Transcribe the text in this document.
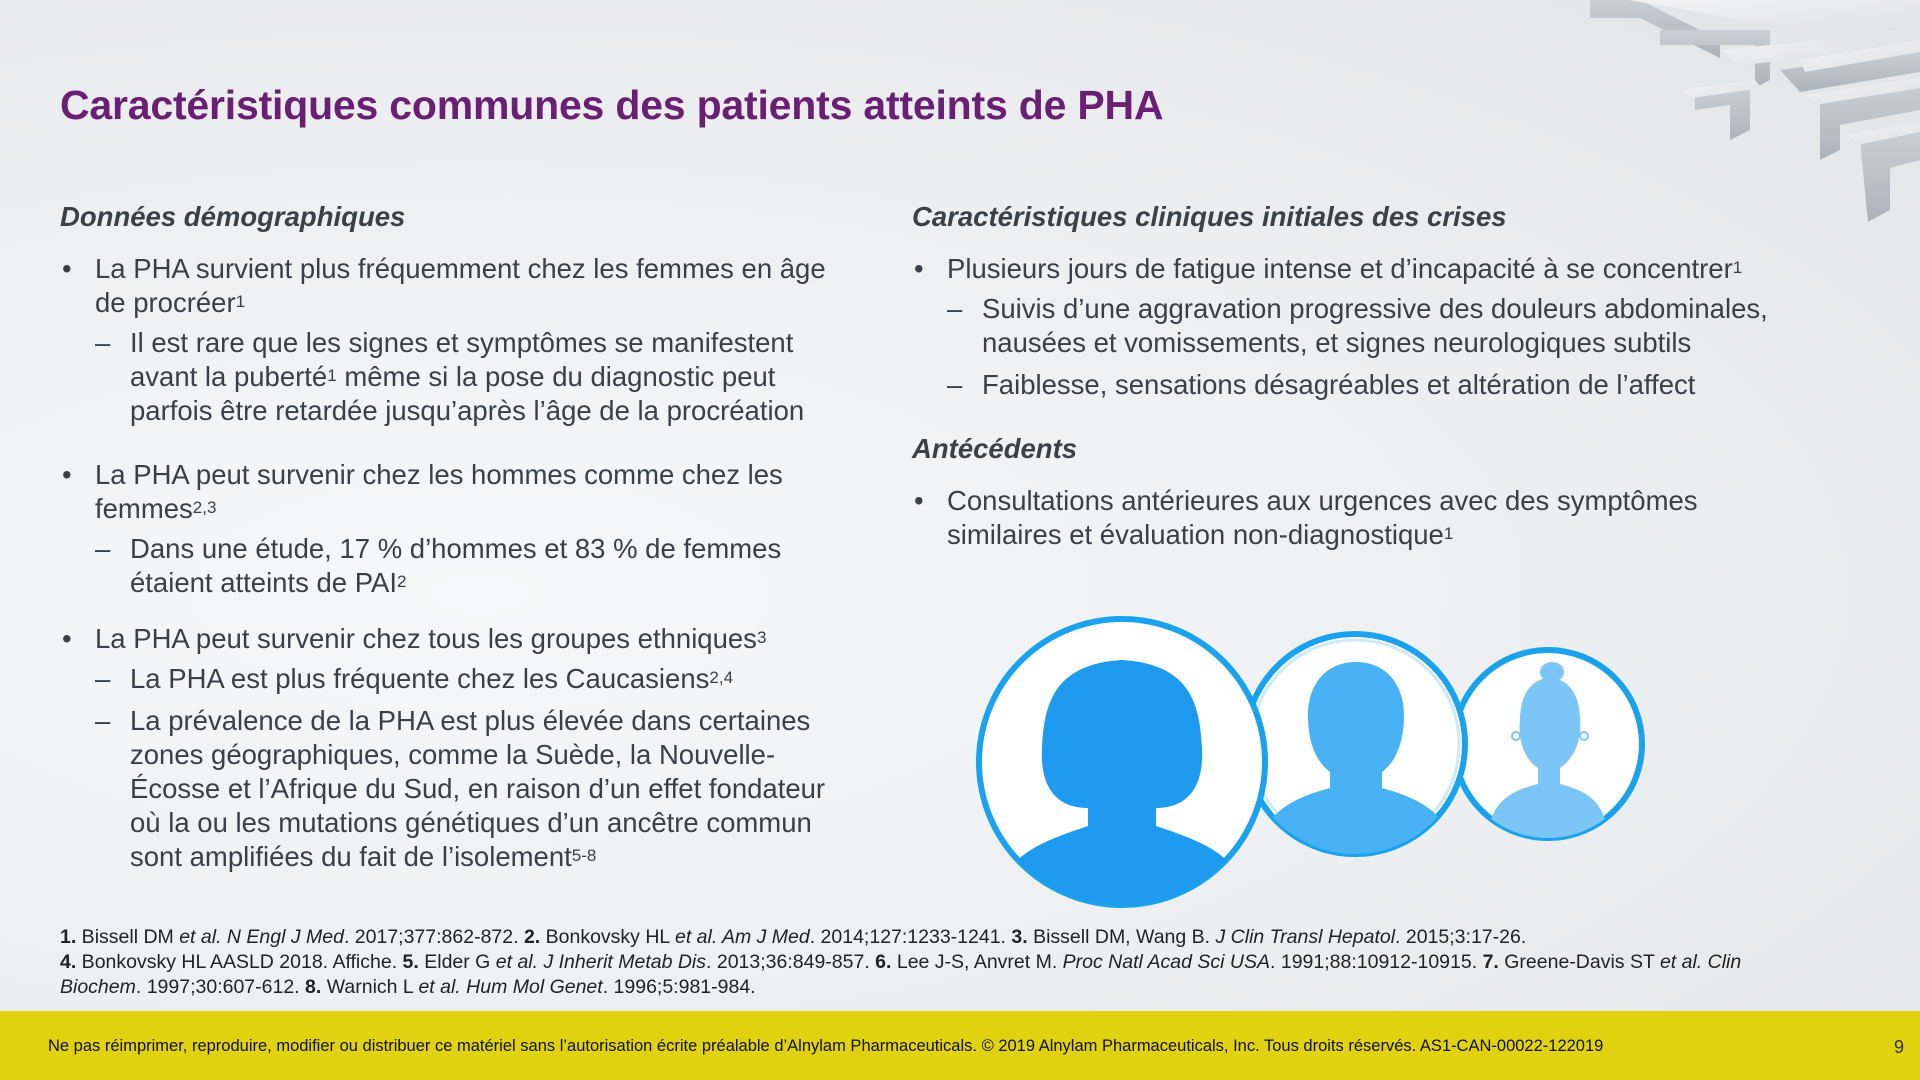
Caractéristiques communes des patients atteints de PHA
Données démographiques
• La PHA survient plus fréquemment chez les femmes en âge de procréer$^1$
– Il est rare que les signes et symptômes se manifestent avant la puberté$^1$ même si la pose du diagnostic peut parfois être retardée jusqu’après l’âge de la procréation
• La PHA peut survenir chez les hommes comme chez les femmes$^{2,3}$
– Dans une étude, 17 % d’hommes et 83 % de femmes étaient atteints de PAI$^2$
• La PHA peut survenir chez tous les groupes ethniques$^3$
– La PHA est plus fréquente chez les Caucasiens$^{2,4}$
– La prévalence de la PHA est plus élevée dans certaines zones géographiques, comme la Suède, la Nouvelle-Écosse et l’Afrique du Sud, en raison d’un effet fondateur où la ou les mutations génétiques d’un ancêtre commun sont amplifiées du fait de l’isolement$^{5-8}$
Caractéristiques cliniques initiales des crises
• Plusieurs jours de fatigue intense et d’incapacité à se concentrer$^1$
– Suivis d’une aggravation progressive des douleurs abdominales, nausées et vomissements, et signes neurologiques subtils
– Faiblesse, sensations désagréables et altération de l’affect
Antécédents
• Consultations antérieures aux urgences avec des symptômes similaires et évaluation non-diagnostique$^1$
1. Bissell DM et al. N Engl J Med. 2017;377:862-872. 2. Bonkovsky HL et al. Am J Med. 2014;127:1233-1241. 3. Bissell DM, Wang B. J Clin Transl Hepatol. 2015;3:17-26.
4. Bonkovsky HL AASLD 2018. Affiche. 5. Elder G et al. J Inherit Metab Dis. 2013;36:849-857. 6. Lee J-S, Anvret M. Proc Natl Acad Sci USA. 1991;88:10912-10915. 7. Greene-Davis ST et al. Clin Biochem. 1997;30:607-612. 8. Warnich L et al. Hum Mol Genet. 1996;5:981-984.
Ne pas réimprimer, reproduire, modifier ou distribuer ce matériel sans l’autorisation écrite préalable d’Alnylam Pharmaceuticals. © 2019 Alnylam Pharmaceuticals, Inc. Tous droits réservés. AS1-CAN-00022-122019	9
